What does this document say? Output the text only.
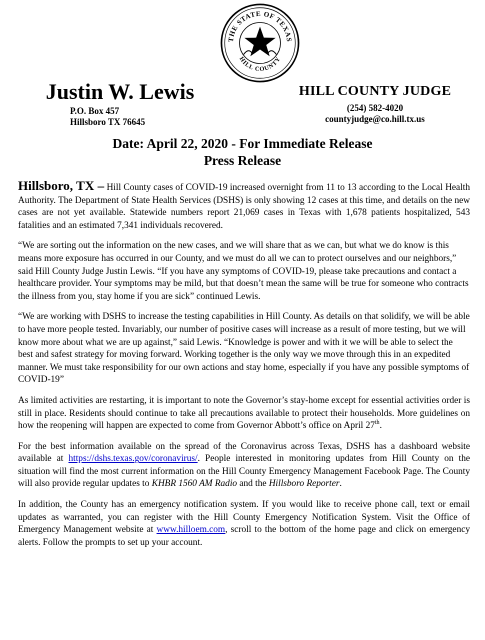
THE STATE OF TEXAS
HILL COUNTY
Justin W. Lewis
P.O. Box 457
Hillsboro TX 76645
HILL COUNTY JUDGE
(254) 582-4020
countyjudge@co.hill.tx.us
Date: April 22, 2020 - For Immediate Release
Press Release

Hillsboro, TX – Hill County cases of COVID-19 increased overnight from 11 to 13 according to the Local Health Authority. The Department of State Health Services (DSHS) is only showing 12 cases at this time, and details on the new cases are not yet available. Statewide numbers report 21,069 cases in Texas with 1,678 patients hospitalized, 543 fatalities and an estimated 7,341 individuals recovered.

“We are sorting out the information on the new cases, and we will share that as we can, but what we do know is this means more exposure has occurred in our County, and we must do all we can to protect ourselves and our neighbors,” said Hill County Judge Justin Lewis. “If you have any symptoms of COVID-19, please take precautions and contact a healthcare provider. Your symptoms may be mild, but that doesn’t mean the same will be true for someone who contracts the illness from you, stay home if you are sick” continued Lewis.

“We are working with DSHS to increase the testing capabilities in Hill County. As details on that solidify, we will be able to have more people tested. Invariably, our number of positive cases will increase as a result of more testing, but we will know more about what we are up against,” said Lewis. “Knowledge is power and with it we will be able to select the best and safest strategy for moving forward. Working together is the only way we move through this in an expedited manner. We must take responsibility for our own actions and stay home, especially if you have any possible symptoms of COVID-19”

As limited activities are restarting, it is important to note the Governor’s stay-home except for essential activities order is still in place. Residents should continue to take all precautions available to protect their households. More guidelines on how the reopening will happen are expected to come from Governor Abbott’s office on April 27th.

For the best information available on the spread of the Coronavirus across Texas, DSHS has a dashboard website available at https://dshs.texas.gov/coronavirus/. People interested in monitoring updates from Hill County on the situation will find the most current information on the Hill County Emergency Management Facebook Page. The County will also provide regular updates to KHBR 1560 AM Radio and the Hillsboro Reporter.

In addition, the County has an emergency notification system. If you would like to receive phone call, text or email updates as warranted, you can register with the Hill County Emergency Notification System. Visit the Office of Emergency Management website at www.hilloem.com, scroll to the bottom of the home page and click on emergency alerts. Follow the prompts to set up your account.
